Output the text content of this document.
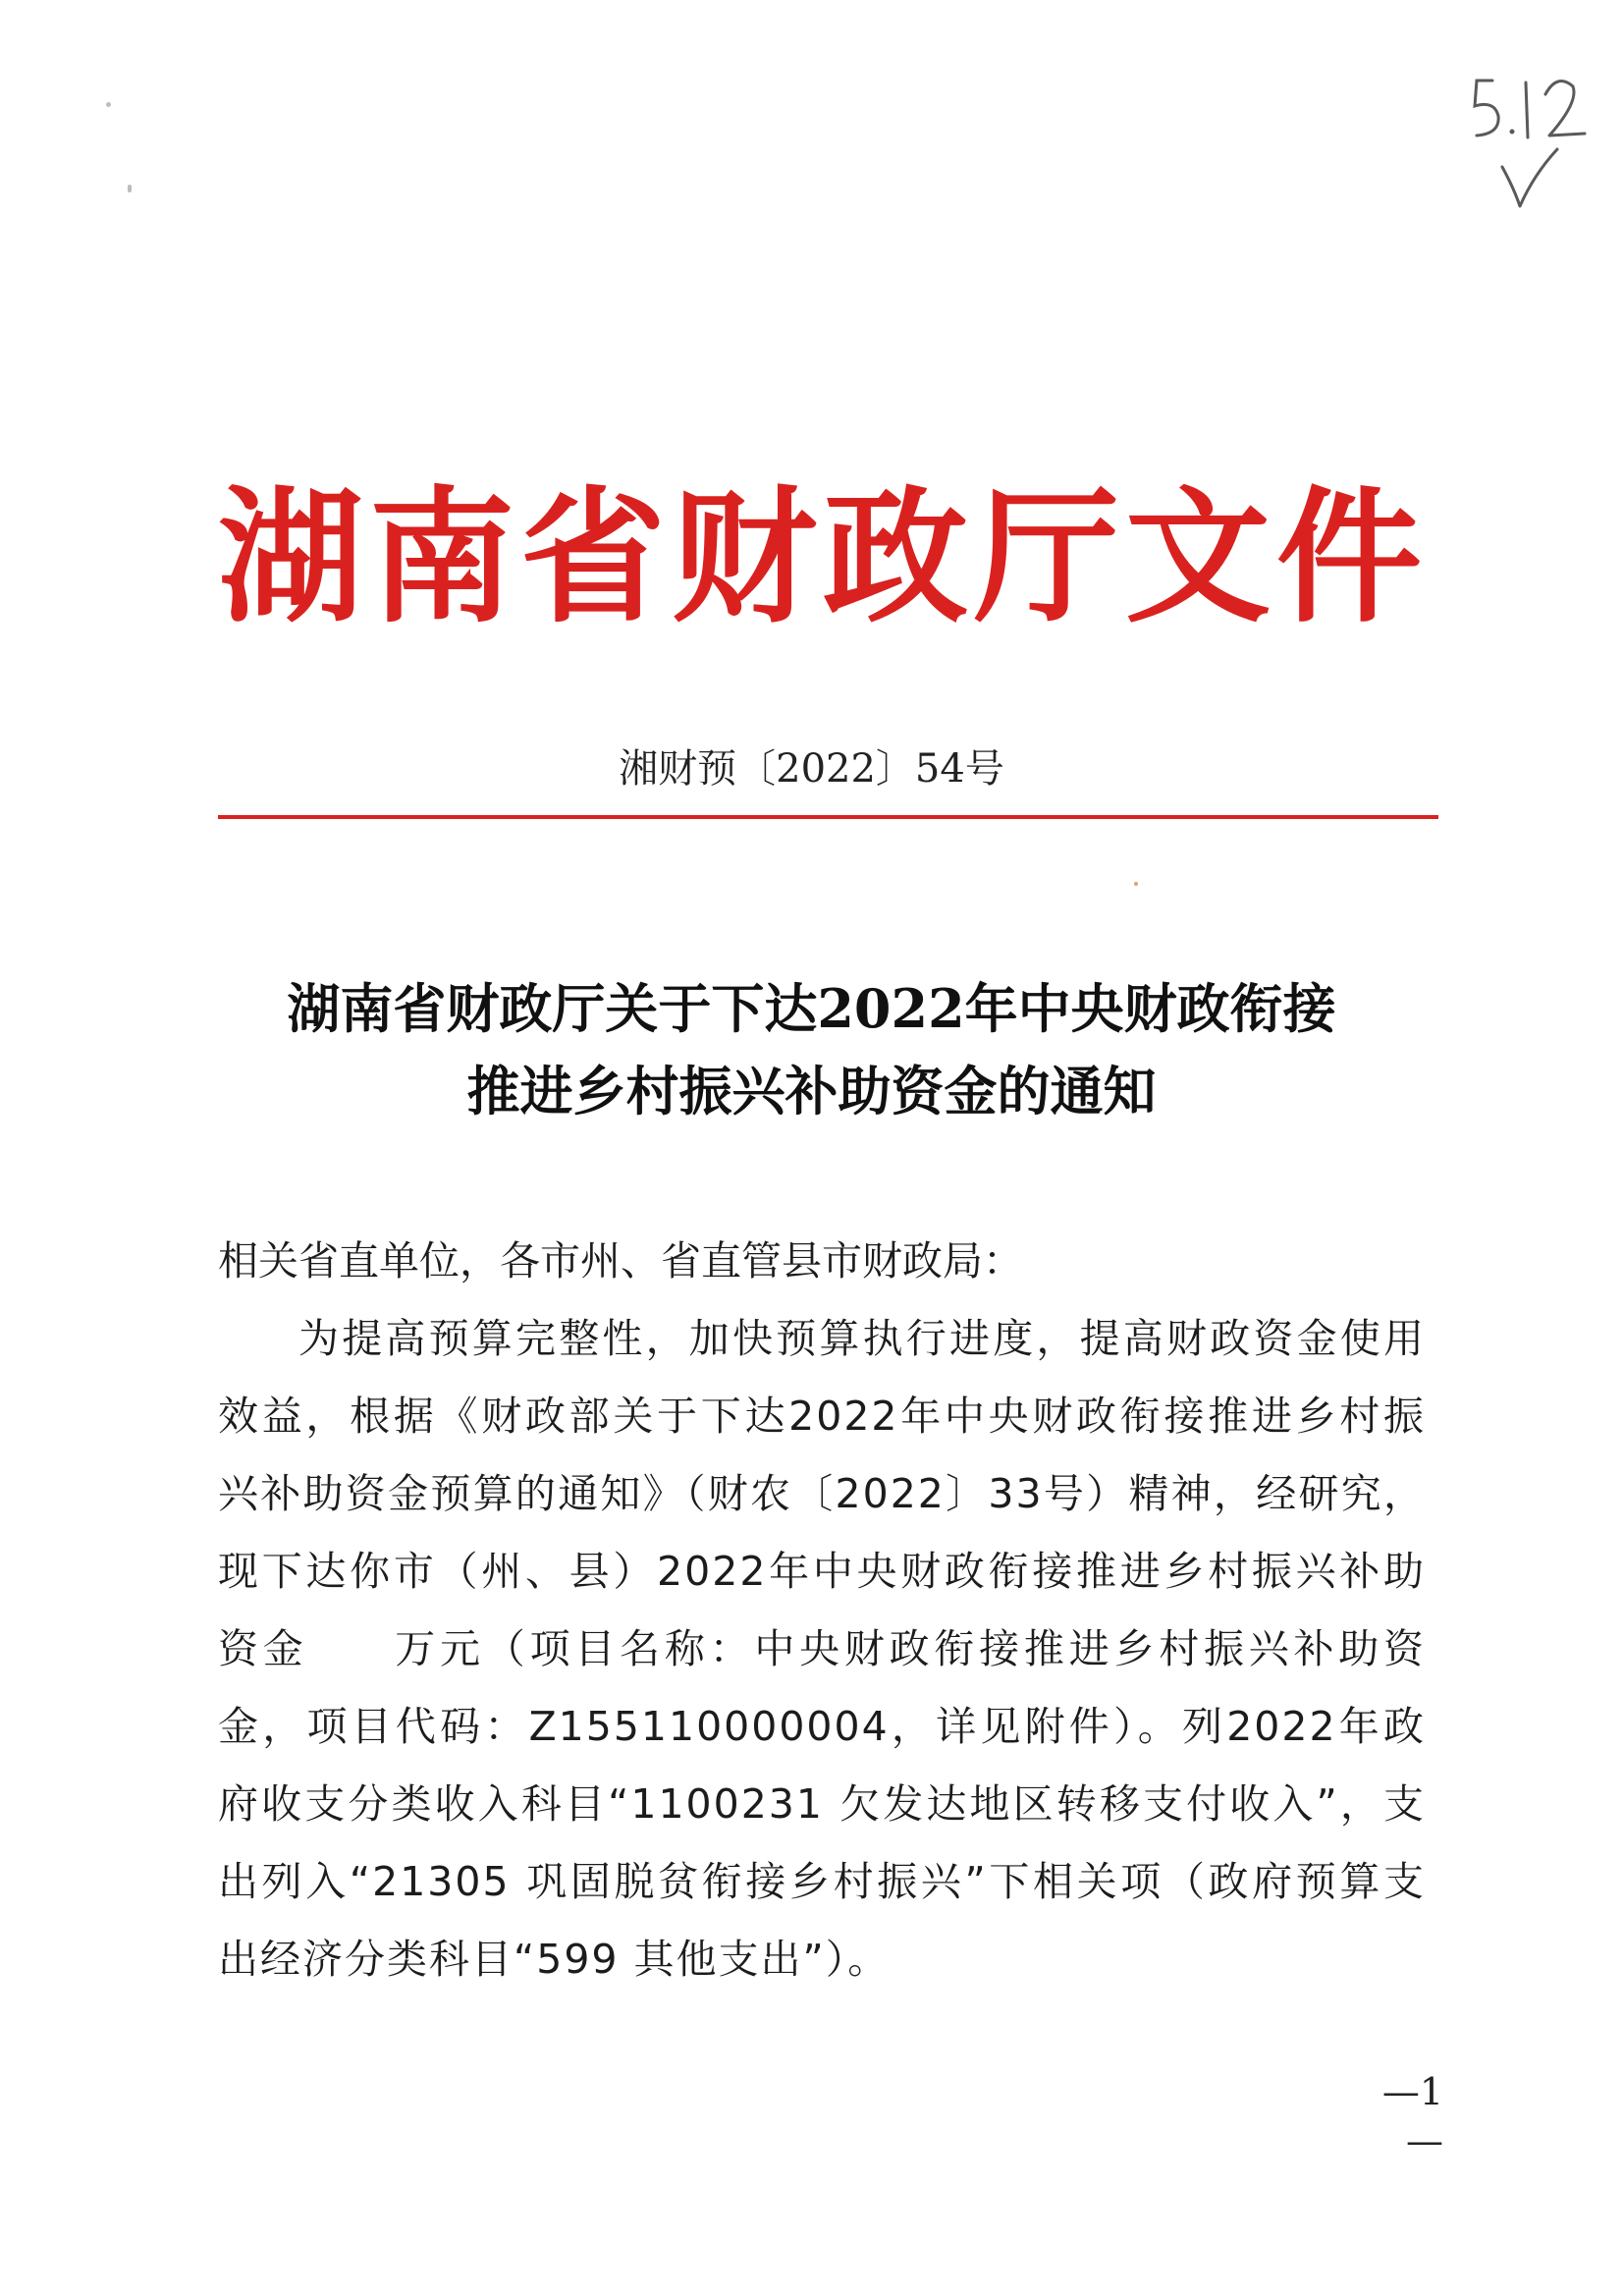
湖南省财政厅文件
湘财预〔2022〕54号
湖南省财政厅关于下达2022年中央财政衔接
推进乡村振兴补助资金的通知

相关省直单位，各市州、省直管县市财政局：

为提高预算完整性，加快预算执行进度，提高财政资金使用效益，根据《财政部关于下达2022年中央财政衔接推进乡村振兴补助资金预算的通知》（财农〔2022〕33号）精神，经研究，现下达你市（州、县）2022年中央财政衔接推进乡村振兴补助资金 万元（项目名称：中央财政衔接推进乡村振兴补助资金，项目代码：Z155110000004，详见附件）。列2022年政府收支分类收入科目“1100231 欠发达地区转移支付收入”，支出列入“21305 巩固脱贫衔接乡村振兴”下相关项（政府预算支出经济分类科目“599 其他支出”）。

—1—
